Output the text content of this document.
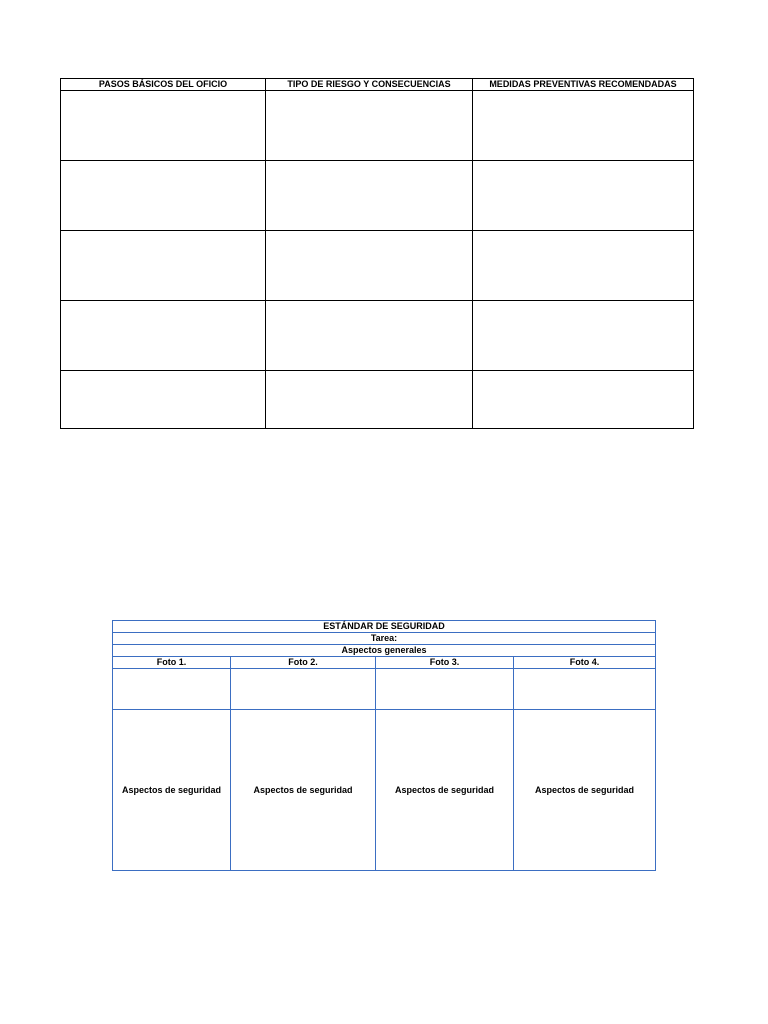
PASOS BÁSICOS DEL OFICIO	TIPO DE RIESGO Y CONSECUENCIAS	MEDIDAS PREVENTIVAS RECOMENDADAS

ESTÁNDAR DE SEGURIDAD			
Tarea:			
Aspectos generales			
Foto 1.	Foto 2.	Foto 3.	Foto 4.

Aspectos de seguridad	Aspectos de seguridad	Aspectos de seguridad	Aspectos de seguridad
